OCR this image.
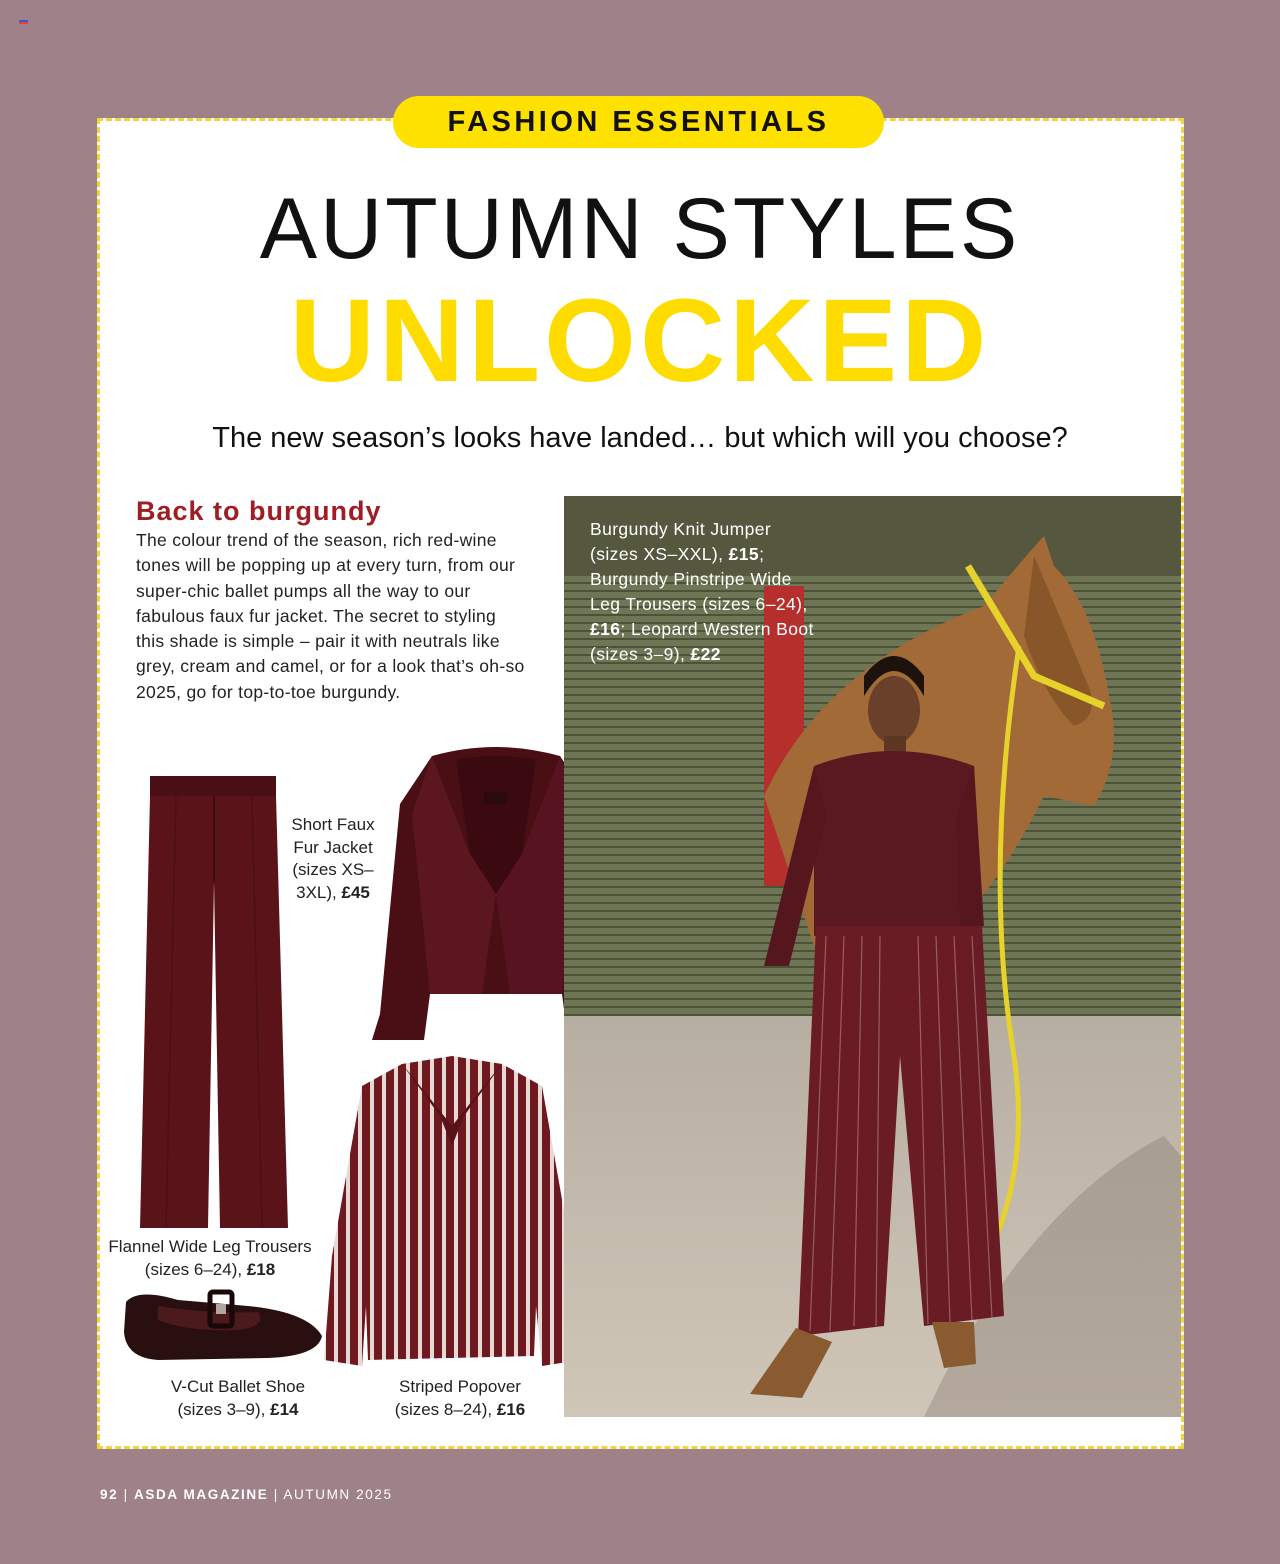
FASHION ESSENTIALS
AUTUMN STYLES
UNLOCKED
The new season’s looks have landed… but which will you choose?
Back to burgundy
The colour trend of the season, rich red-wine tones will be popping up at every turn, from our super-chic ballet pumps all the way to our fabulous faux fur jacket. The secret to styling this shade is simple – pair it with neutrals like grey, cream and camel, or for a look that’s oh-so 2025, go for top-to-toe burgundy.
Flannel Wide Leg Trousers (sizes 6–24), £18
Short Faux Fur Jacket (sizes XS–3XL), £45
Striped Popover (sizes 8–24), £16
V-Cut Ballet Shoe (sizes 3–9), £14
Burgundy Knit Jumper (sizes XS–XXL), £15; Burgundy Pinstripe Wide Leg Trousers (sizes 6–24), £16; Leopard Western Boot (sizes 3–9), £22
92 | ASDA MAGAZINE | AUTUMN 2025
